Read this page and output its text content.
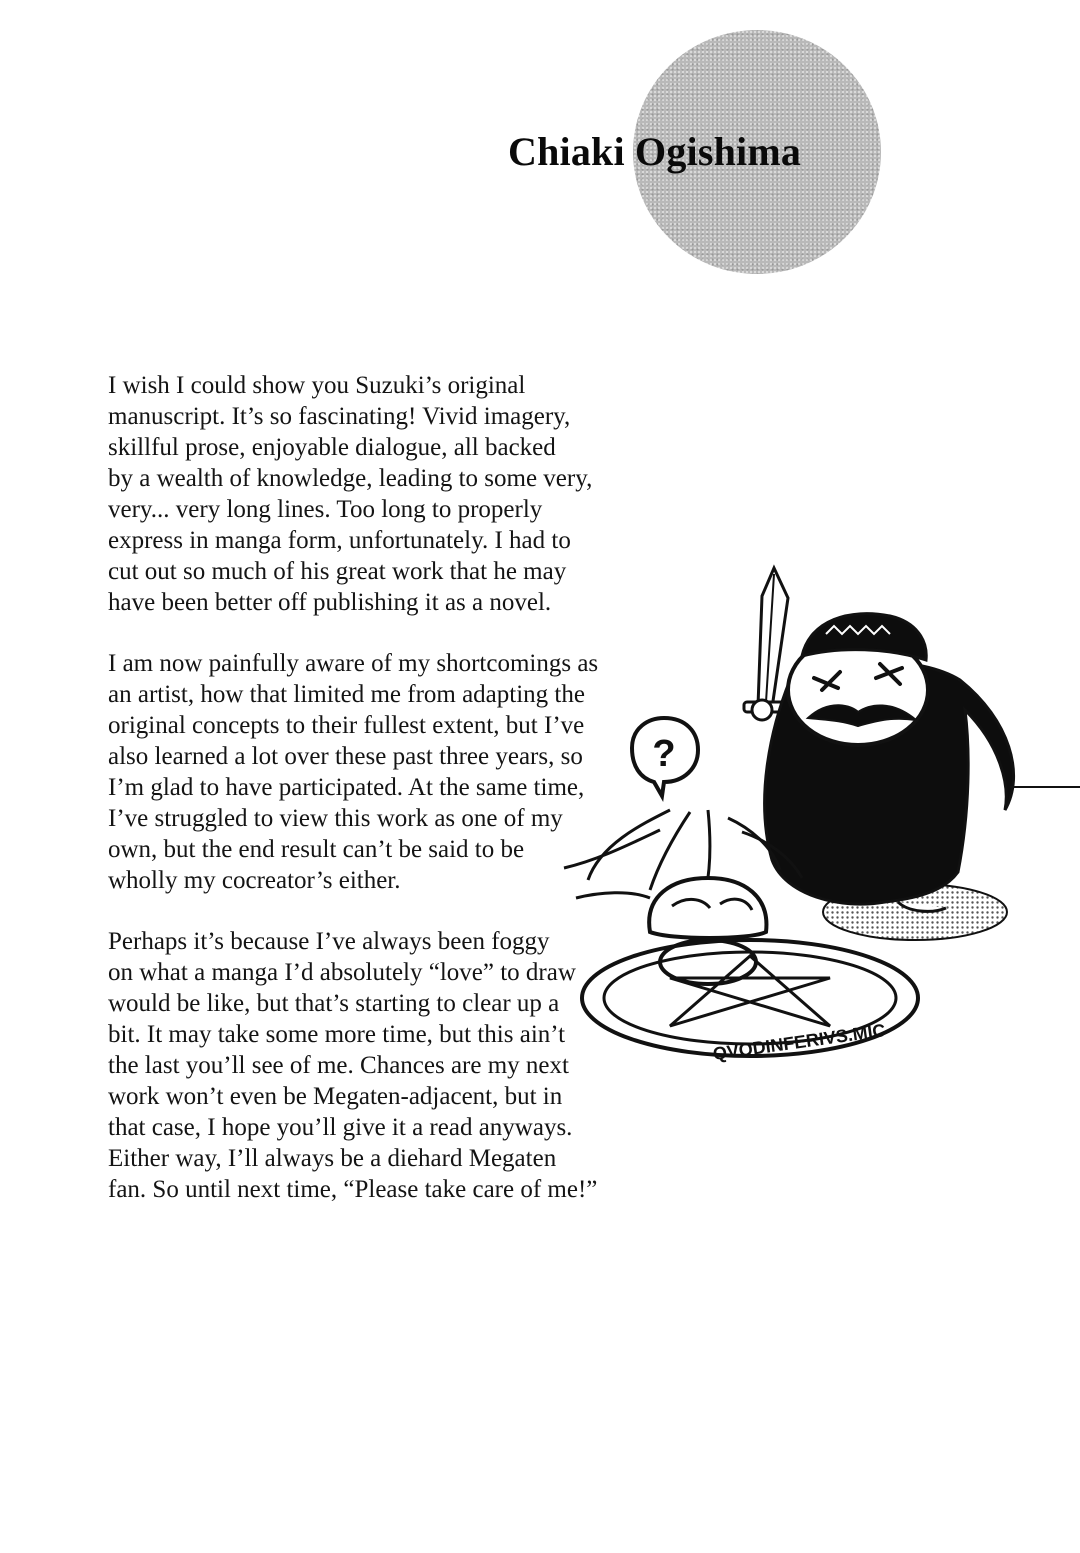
Chiaki Ogishima

I wish I could show you Suzuki’s original
manuscript. It’s so fascinating! Vivid imagery,
skillful prose, enjoyable dialogue, all backed
by a wealth of knowledge, leading to some very,
very... very long lines. Too long to properly
express in manga form, unfortunately. I had to
cut out so much of his great work that he may
have been better off publishing it as a novel.

I am now painfully aware of my shortcomings as
an artist, how that limited me from adapting the
original concepts to their fullest extent, but I’ve
also learned a lot over these past three years, so
I’m glad to have participated. At the same time,
I’ve struggled to view this work as one of my
own, but the end result can’t be said to be
wholly my cocreator’s either.

Perhaps it’s because I’ve always been foggy
on what a manga I’d absolutely “love” to draw
would be like, but that’s starting to clear up a
bit. It may take some more time, but this ain’t
the last you’ll see of me. Chances are my next
work won’t even be Megaten-adjacent, but in
that case, I hope you’ll give it a read anyways.
Either way, I’ll always be a diehard Megaten
fan. So until next time, “Please take care of me!”

?
QVODINFERIVS.MIC
